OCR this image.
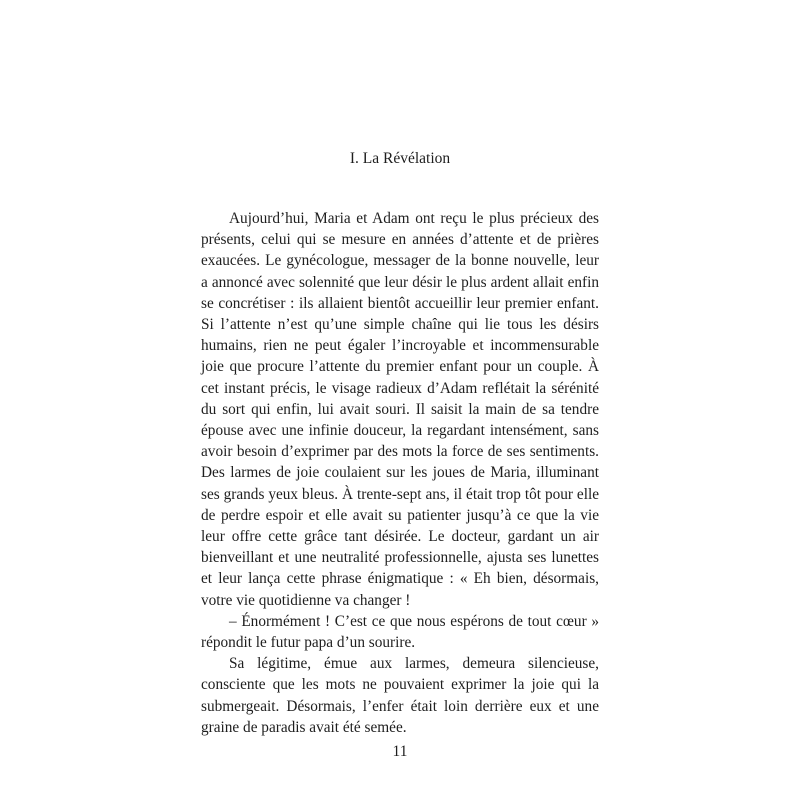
I. La Révélation

Aujourd’hui, Maria et Adam ont reçu le plus précieux des présents, celui qui se mesure en années d’attente et de prières exaucées. Le gynécologue, messager de la bonne nouvelle, leur a annoncé avec solennité que leur désir le plus ardent allait enfin se concrétiser : ils allaient bientôt accueillir leur premier enfant. Si l’attente n’est qu’une simple chaîne qui lie tous les désirs humains, rien ne peut égaler l’incroyable et incommensurable joie que procure l’attente du premier enfant pour un couple. À cet instant précis, le visage radieux d’Adam reflétait la sérénité du sort qui enfin, lui avait souri. Il saisit la main de sa tendre épouse avec une infinie douceur, la regardant intensément, sans avoir besoin d’exprimer par des mots la force de ses sentiments. Des larmes de joie coulaient sur les joues de Maria, illuminant ses grands yeux bleus. À trente-sept ans, il était trop tôt pour elle de perdre espoir et elle avait su patienter jusqu’à ce que la vie leur offre cette grâce tant désirée. Le docteur, gardant un air bienveillant et une neutralité professionnelle, ajusta ses lunettes et leur lança cette phrase énigmatique : « Eh bien, désormais, votre vie quotidienne va changer !

– Énormément ! C’est ce que nous espérons de tout cœur » répondit le futur papa d’un sourire.

Sa légitime, émue aux larmes, demeura silencieuse, consciente que les mots ne pouvaient exprimer la joie qui la submergeait. Désormais, l’enfer était loin derrière eux et une graine de paradis avait été semée.

11
